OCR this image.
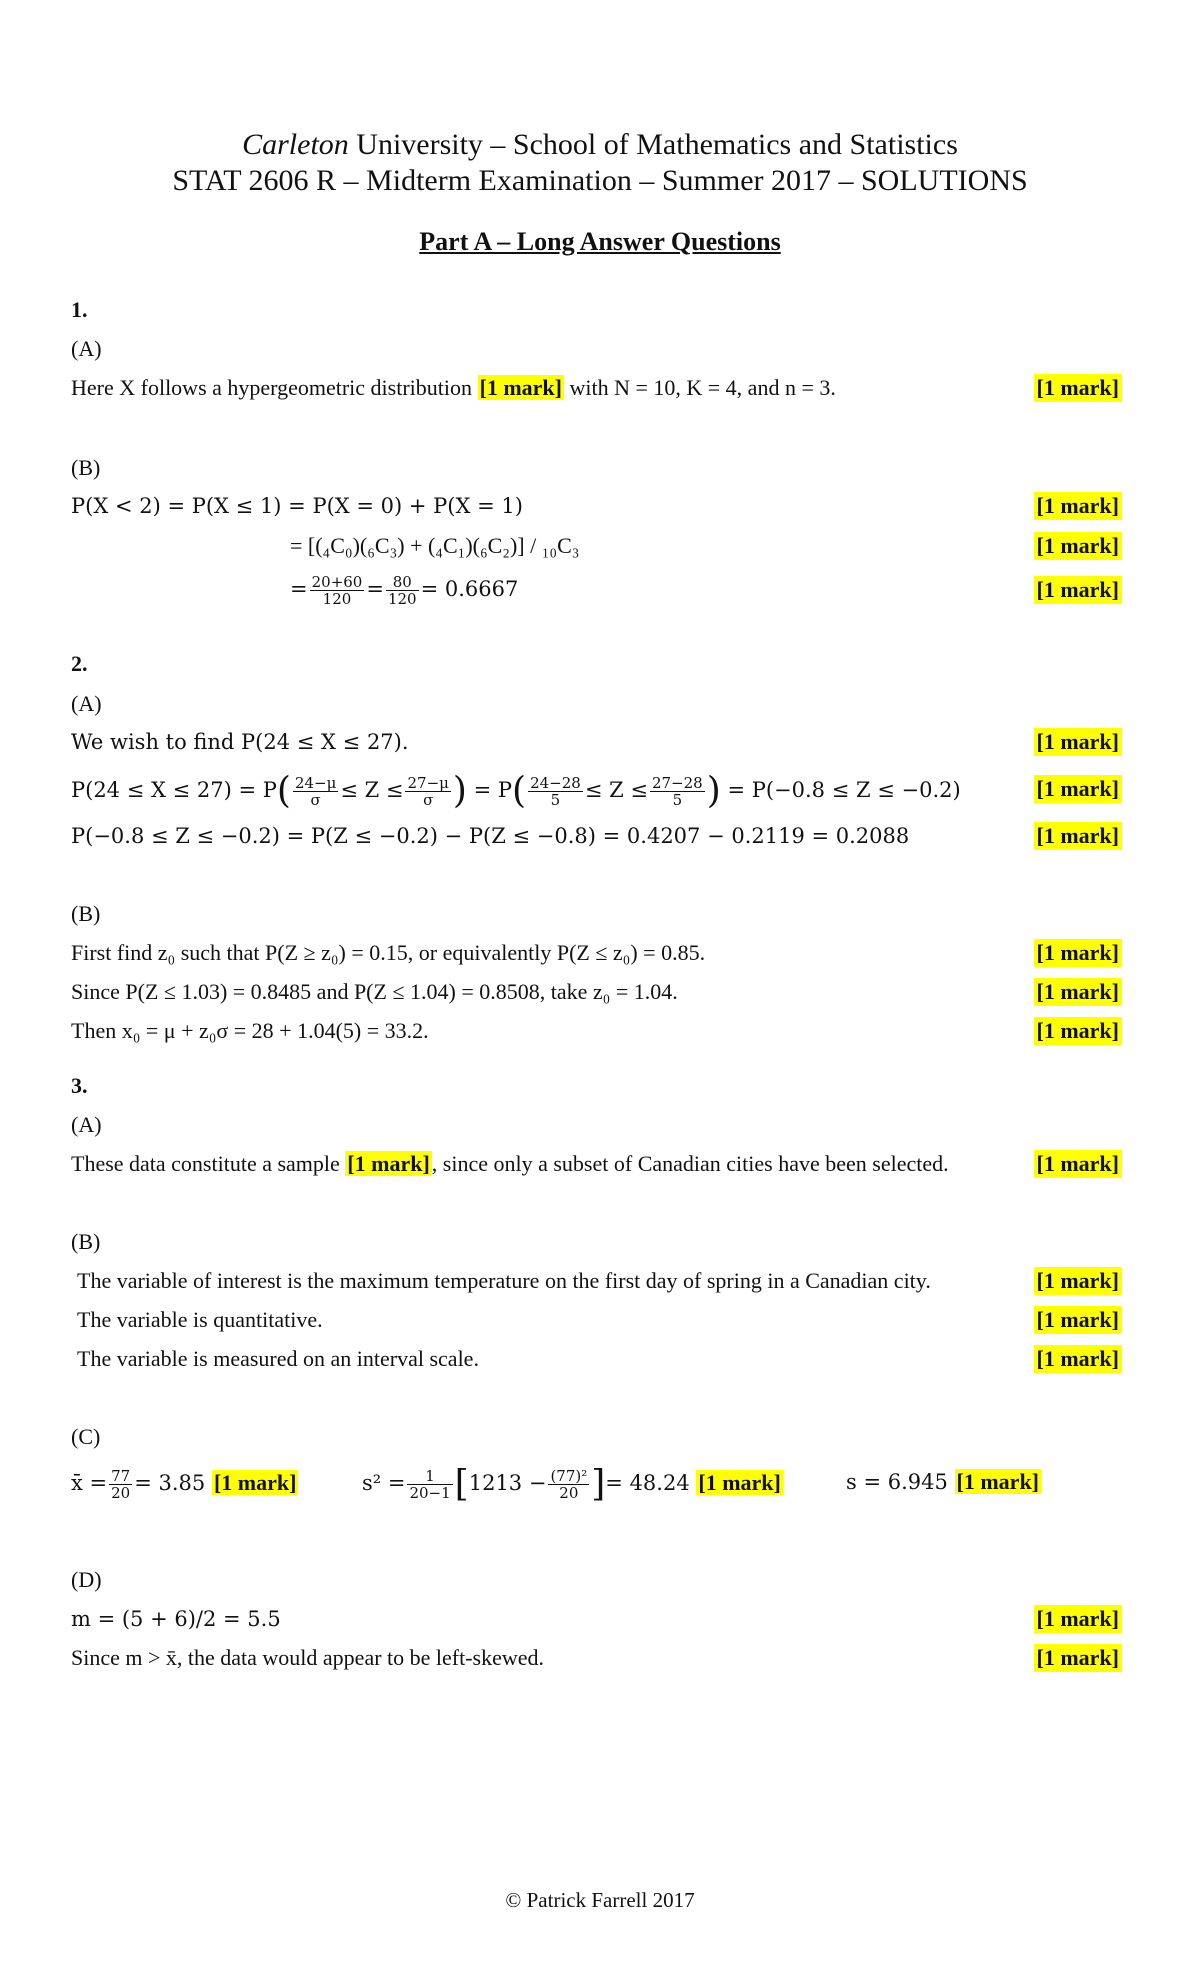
Carleton University – School of Mathematics and Statistics
STAT 2606 R – Midterm Examination – Summer 2017 – SOLUTIONS
Part A – Long Answer Questions
1.
(A)
Here X follows a hypergeometric distribution [1 mark] with N = 10, K = 4, and n = 3.	[1 mark]
(B)
P(X < 2) = P(X ≤ 1) = P(X = 0) + P(X = 1)	[1 mark]
= [(₄C₀)(₆C₃) + (₄C₁)(₆C₂)] / ₁₀C₃	[1 mark]
= $\frac{20+60}{120} = \frac{80}{120} = 0.6667$	[1 mark]
2.
(A)
We wish to find P(24 ≤ X ≤ 27).	[1 mark]
$P(24 \le X \le 27) = P( \frac{24-\mu}{\sigma} \le Z \le \frac{27-\mu}{\sigma}$ ) = $P( \frac{24-28}{5} \le Z \le \frac{27-28}{5}$ ) = P(−0.8 ≤ Z ≤ −0.2)	[1 mark]
P(−0.8 ≤ Z ≤ −0.2) = P(Z ≤ −0.2) − P(Z ≤ −0.8) = 0.4207 − 0.2119 = 0.2088	[1 mark]
(B)
First find z₀ such that P(Z ≥ z₀) = 0.15, or equivalently P(Z ≤ z₀) = 0.85.	[1 mark]
Since P(Z ≤ 1.03) = 0.8485 and P(Z ≤ 1.04) = 0.8508, take z₀ = 1.04.	[1 mark]
Then x₀ = μ + z₀σ = 28 + 1.04(5) = 33.2.	[1 mark]
3.
(A)
These data constitute a sample [1 mark], since only a subset of Canadian cities have been selected.	[1 mark]
(B)
The variable of interest is the maximum temperature on the first day of spring in a Canadian city.	[1 mark]
The variable is quantitative.	[1 mark]
The variable is measured on an interval scale.	[1 mark]
(C)
x̄ = $\frac{77}{20} = 3.85$ [1 mark]	$s^2 = \frac{1}{20-1} [1213 - \frac{\text{(77)²}}{20}$ ]= 48.24 [1 mark]	s = 6.945 [1 mark]
(D)
m = (5 + 6)/2 = 5.5	[1 mark]
Since m > x̄, the data would appear to be left-skewed.	[1 mark]
© Patrick Farrell 2017
